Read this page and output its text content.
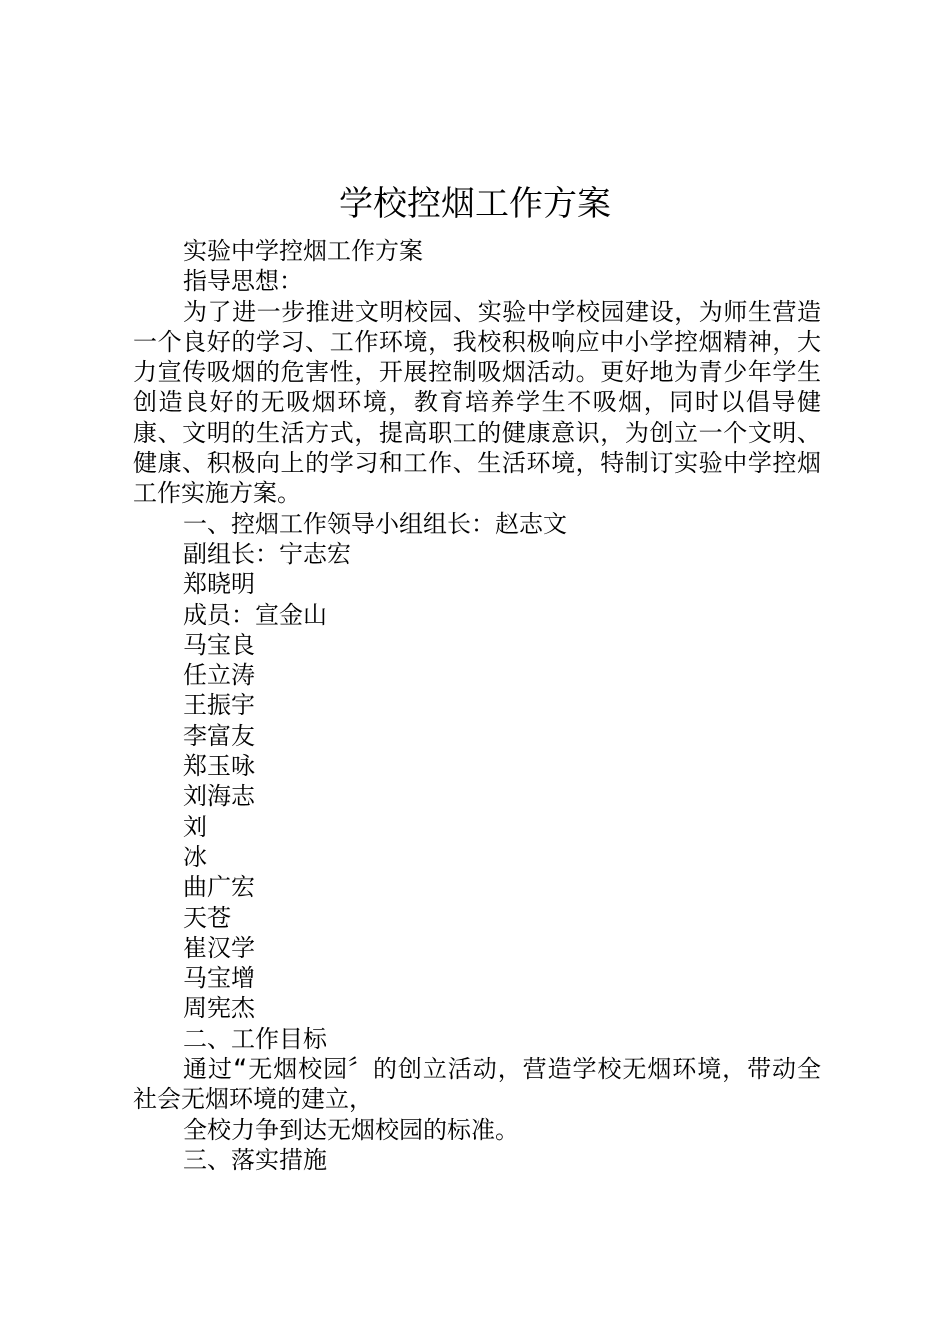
学校控烟工作方案

实验中学控烟工作方案

指导思想：

为了进一步推进文明校园、实验中学校园建设，为师生营造一个良好的学习、工作环境，我校积极响应中小学控烟精神，大力宣传吸烟的危害性，开展控制吸烟活动。更好地为青少年学生创造良好的无吸烟环境，教育培养学生不吸烟，同时以倡导健康、文明的生活方式，提高职工的健康意识，为创立一个文明、健康、积极向上的学习和工作、生活环境，特制订实验中学控烟工作实施方案。

一、控烟工作领导小组组长：赵志文

副组长：宁志宏

郑晓明

成员：宣金山

马宝良

任立涛

王振宇

李富友

郑玉咏

刘海志

刘

冰

曲广宏

天苍

崔汉学

马宝增

周宪杰

二、工作目标

通过“无烟校园〞的创立活动，营造学校无烟环境，带动全社会无烟环境的建立，

全校力争到达无烟校园的标准。

三、落实措施
